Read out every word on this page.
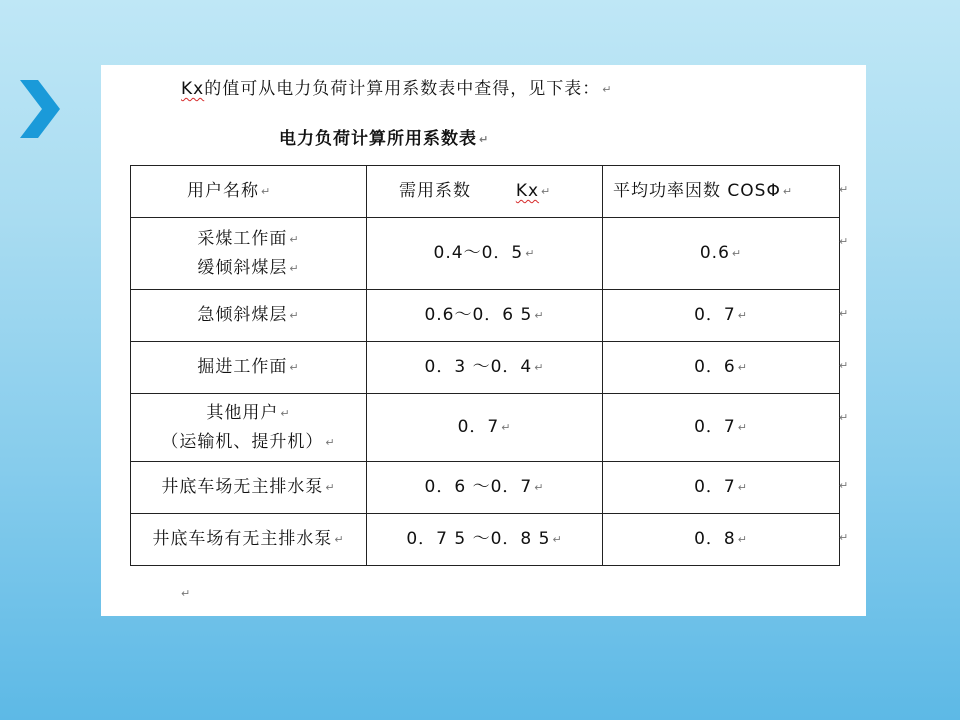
Kx的值可从电力负荷计算用系数表中查得，见下表： ↵
电力负荷计算所用系数表 ↵
用户名称 ↵	需用系数 Kx ↵	平均功率因数 COSΦ ↵

采煤工作面 ↵
缓倾斜煤层 ↵	0.4～0．5 ↵	0.6 ↵
急倾斜煤层 ↵	0.6～0．6 5 ↵	0．7 ↵
掘进工作面 ↵	0．3 ～0．4 ↵	0．6 ↵

其他用户 ↵
（运输机、提升机） ↵	0．7 ↵	0．7 ↵
井底车场无主排水泵 ↵	0．6 ～0．7 ↵	0．7 ↵
井底车场有无主排水泵 ↵	0．7 5 ～0．8 5 ↵	0．8 ↵
↵
↵
↵
↵
↵
↵
↵
↵
